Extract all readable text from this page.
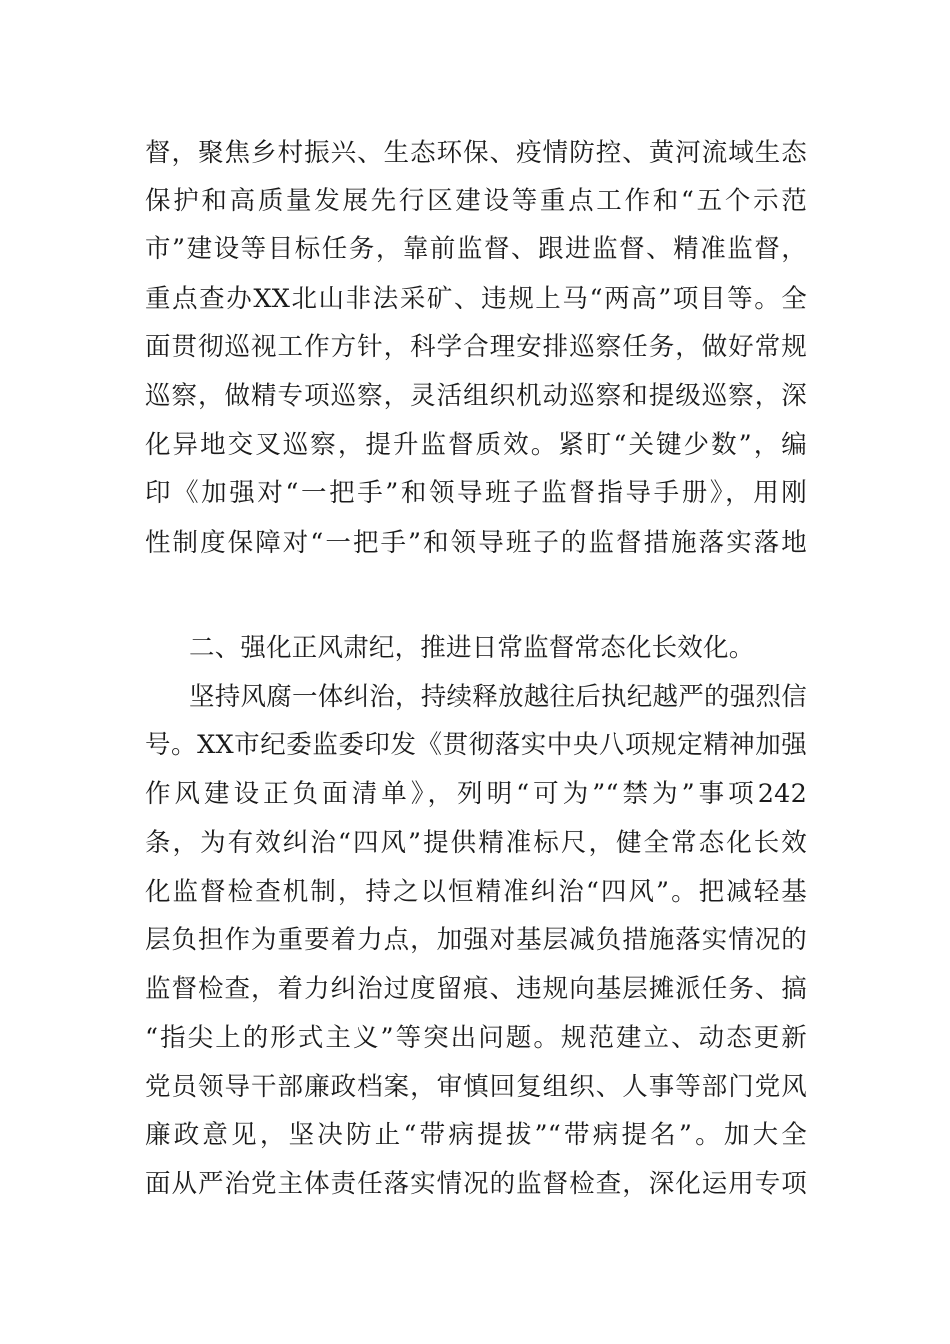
督，聚焦乡村振兴、生态环保、疫情防控、黄河流域生态
保护和高质量发展先行区建设等重点工作和“五个示范
市”建设等目标任务，靠前监督、跟进监督、精准监督，
重点查办XX北山非法采矿、违规上马“两高”项目等。全
面贯彻巡视工作方针，科学合理安排巡察任务，做好常规
巡察，做精专项巡察，灵活组织机动巡察和提级巡察，深
化异地交叉巡察，提升监督质效。紧盯“关键少数”，编
印《加强对“一把手”和领导班子监督指导手册》，用刚
性制度保障对“一把手”和领导班子的监督措施落实落地
二、强化正风肃纪，推进日常监督常态化长效化。
坚持风腐一体纠治，持续释放越往后执纪越严的强烈信
号。XX市纪委监委印发《贯彻落实中央八项规定精神加强
作风建设正负面清单》，列明“可为”“禁为”事项242
条，为有效纠治“四风”提供精准标尺，健全常态化长效
化监督检查机制，持之以恒精准纠治“四风”。把减轻基
层负担作为重要着力点，加强对基层减负措施落实情况的
监督检查，着力纠治过度留痕、违规向基层摊派任务、搞
“指尖上的形式主义”等突出问题。规范建立、动态更新
党员领导干部廉政档案，审慎回复组织、人事等部门党风
廉政意见，坚决防止“带病提拔”“带病提名”。加大全
面从严治党主体责任落实情况的监督检查，深化运用专项
